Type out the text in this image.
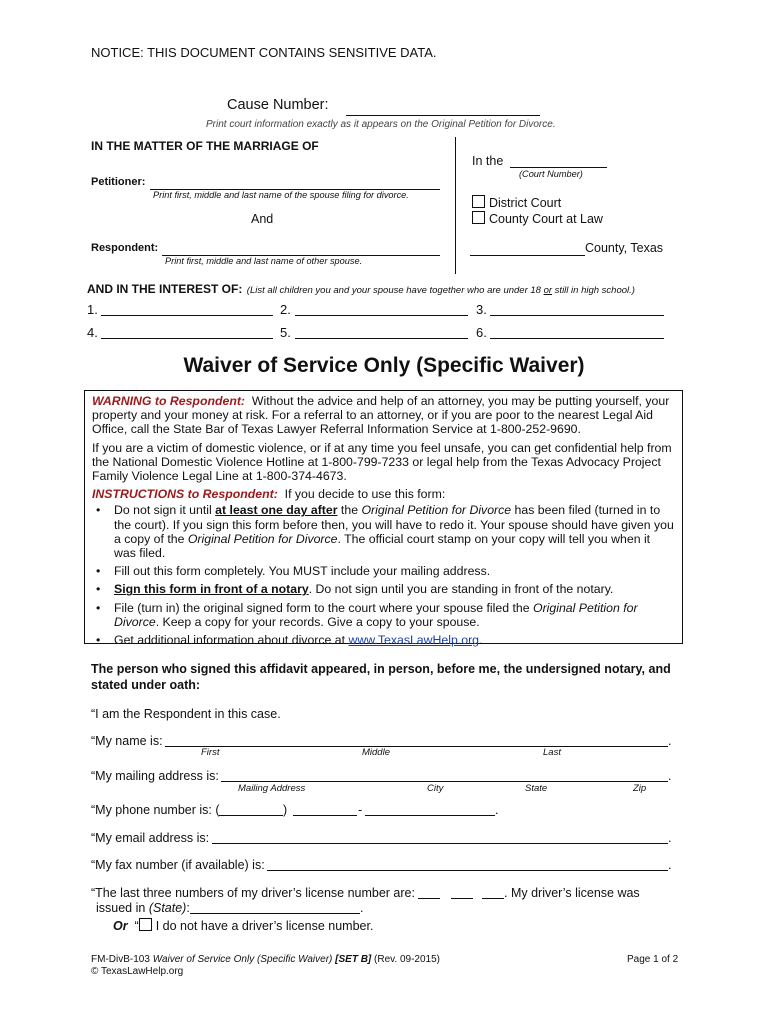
NOTICE: THIS DOCUMENT CONTAINS SENSITIVE DATA.
Cause Number:
Print court information exactly as it appears on the Original Petition for Divorce.
IN THE MATTER OF THE MARRIAGE OF
Petitioner:
Print first, middle and last name of the spouse filing for divorce.
And
Respondent:
Print first, middle and last name of other spouse.
In the
(Court Number)
District Court
County Court at Law
County, Texas
AND IN THE INTEREST OF: (List all children you and your spouse have together who are under 18 or still in high school.)
1.	2.	3.
4.	5.	6.
Waiver of Service Only (Specific Waiver)

WARNING to Respondent: Without the advice and help of an attorney, you may be putting yourself, your property and your money at risk. For a referral to an attorney, or if you are poor to the nearest Legal Aid Office, call the State Bar of Texas Lawyer Referral Information Service at 1-800-252-9690.

If you are a victim of domestic violence, or if at any time you feel unsafe, you can get confidential help from the National Domestic Violence Hotline at 1-800-799-7233 or legal help from the Texas Advocacy Project Family Violence Legal Line at 1-800-374-4673.

INSTRUCTIONS to Respondent: If you decide to use this form:

• Do not sign it until at least one day after the Original Petition for Divorce has been filed (turned in to the court). If you sign this form before then, you will have to redo it. Your spouse should have given you a copy of the Original Petition for Divorce. The official court stamp on your copy will tell you when it was filed.
• Fill out this form completely. You MUST include your mailing address.
• Sign this form in front of a notary. Do not sign until you are standing in front of the notary.
• File (turn in) the original signed form to the court where your spouse filed the Original Petition for Divorce. Keep a copy for your records. Give a copy to your spouse.
• Get additional information about divorce at www.TexasLawHelp.org.
The person who signed this affidavit appeared, in person, before me, the undersigned notary, and stated under oath:
“I am the Respondent in this case.
“My name is:	.
First	Middle	Last
“My mailing address is:	.
Mailing Address	City	State	Zip
“My phone number is: (	)	-	.
“My email address is:	.
“My fax number (if available) is:	.
“The last three numbers of my driver’s license number are:	. My driver’s license was
issued in (State):	.
Or  “ I do not have a driver’s license number.
FM-DivB-103 Waiver of Service Only (Specific Waiver) [SET B] (Rev. 09-2015)
© TexasLawHelp.org
Page 1 of 2
